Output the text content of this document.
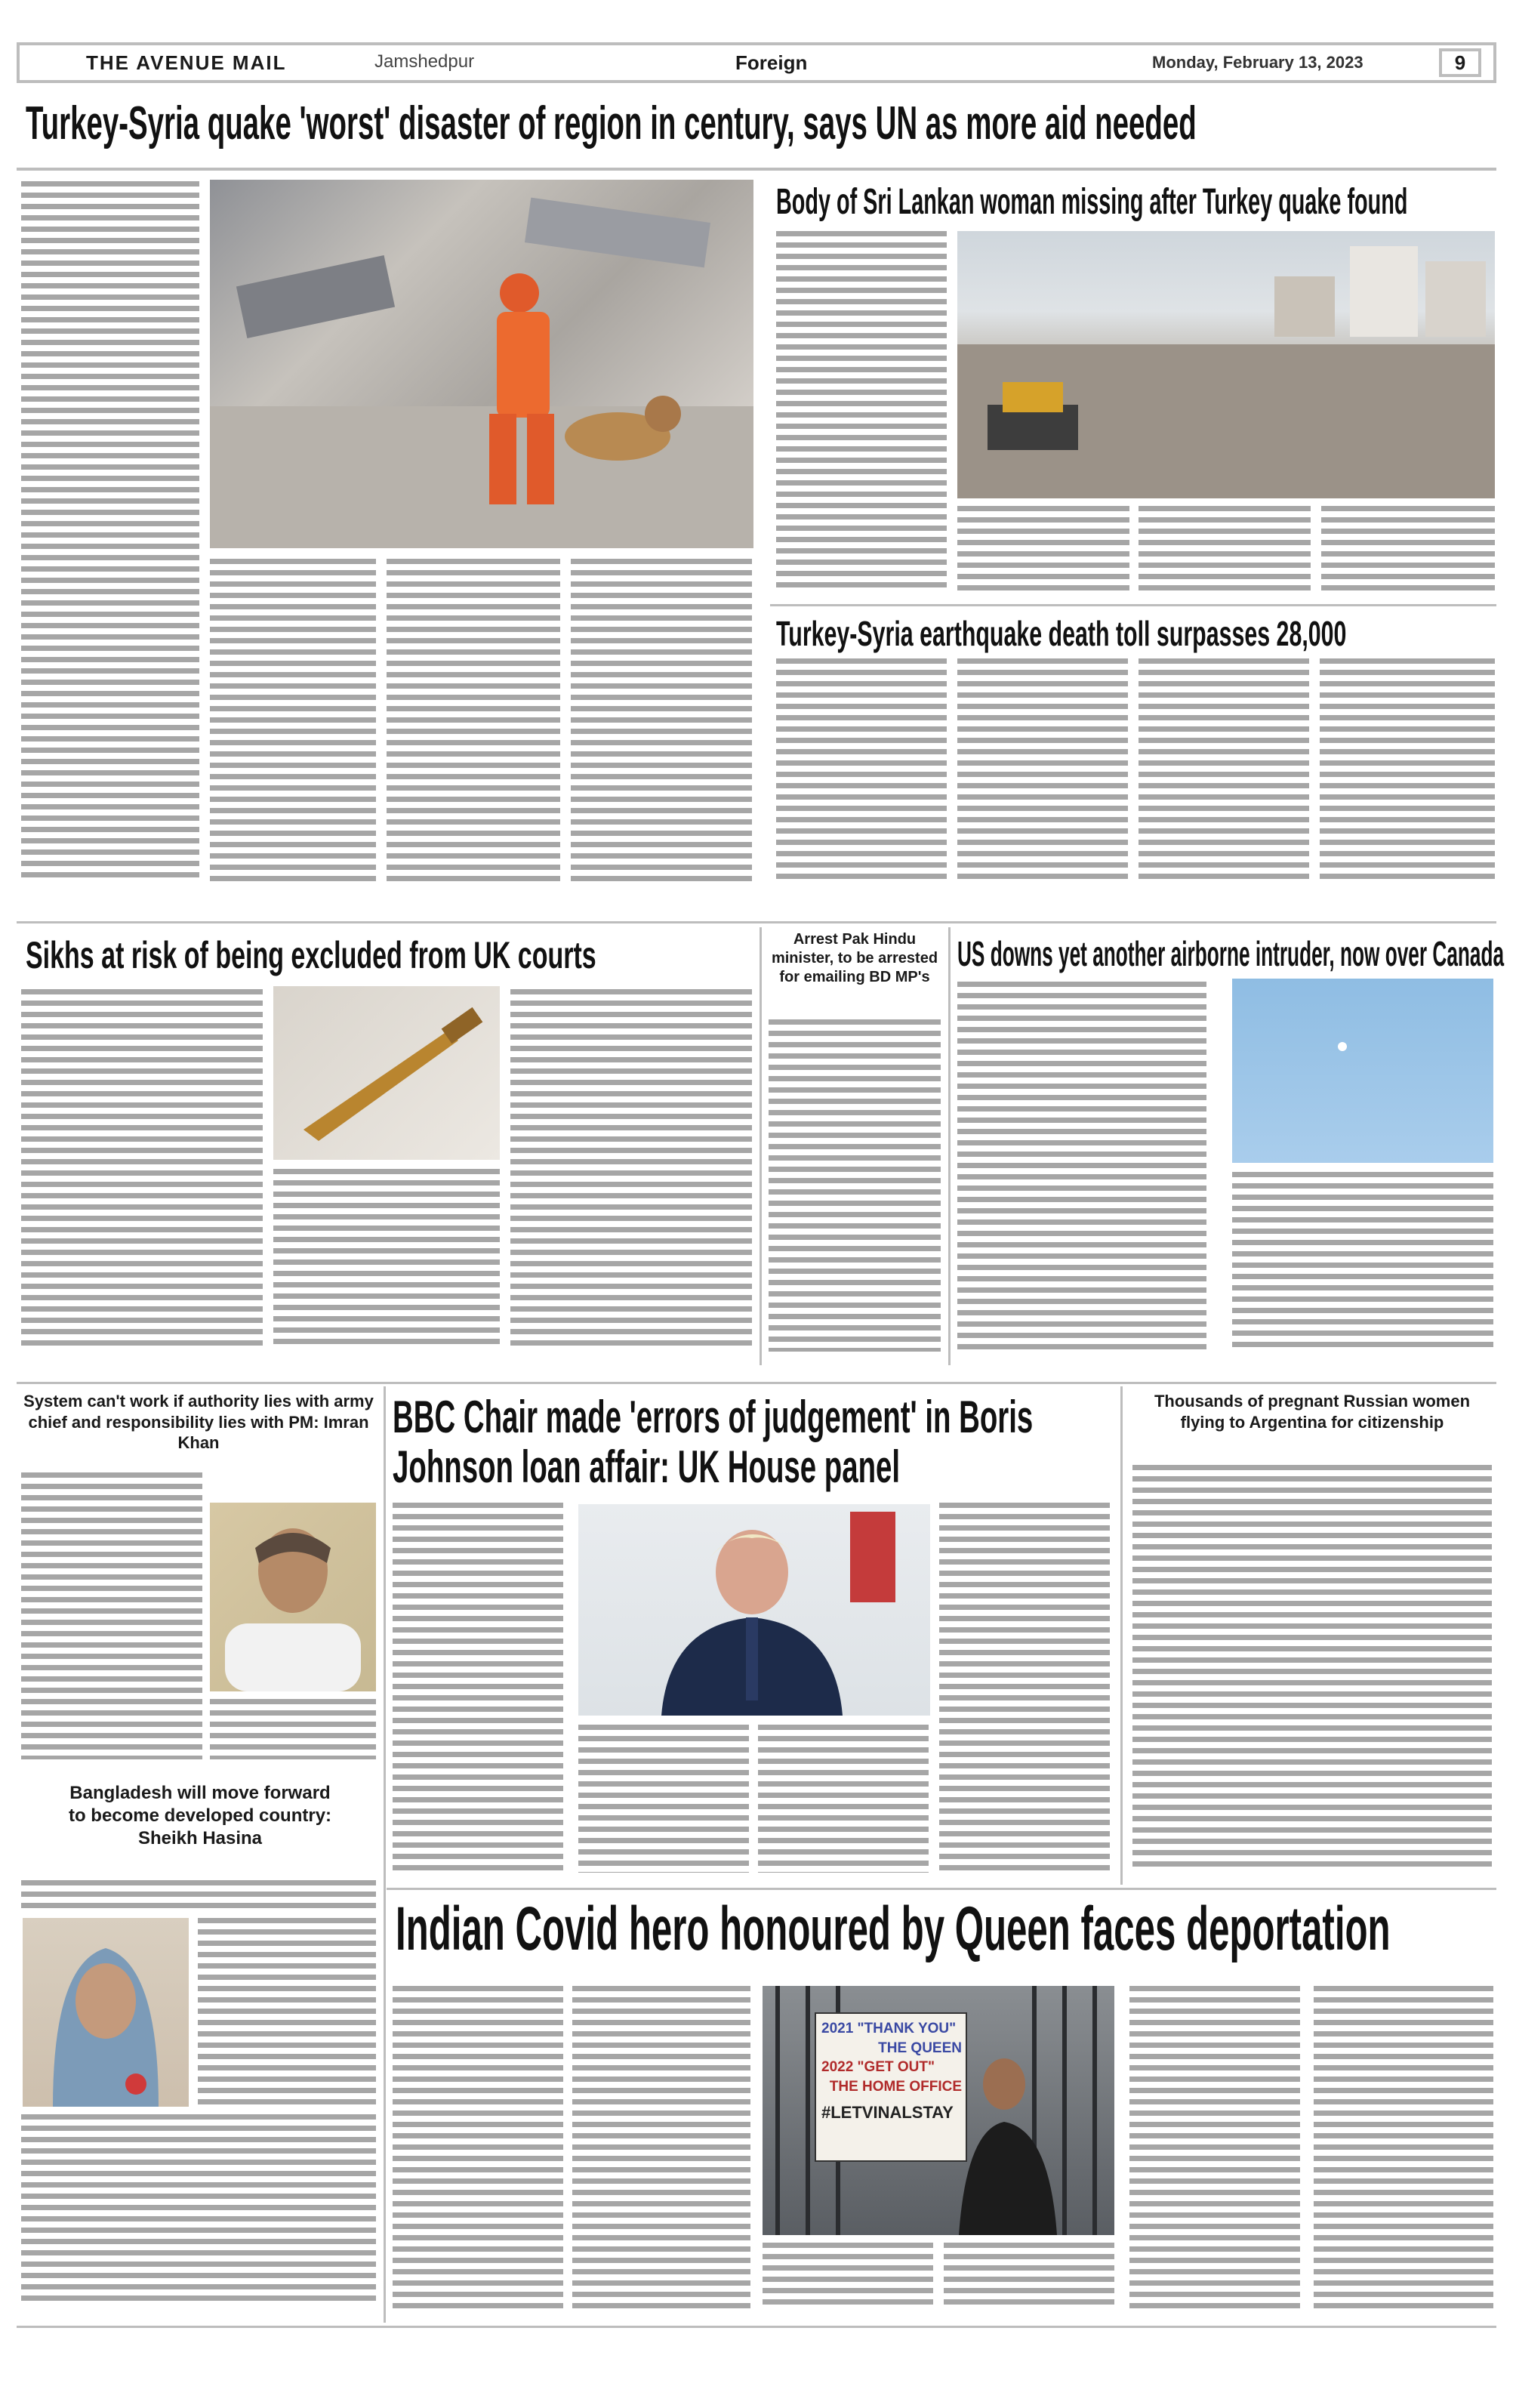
THE AVENUE MAIL	Jamshedpur	Foreign	Monday, February 13, 2023	9
Turkey-Syria quake 'worst' disaster of region in century, says UN as more aid needed
Body of Sri Lankan woman missing after Turkey quake found
Turkey-Syria earthquake death toll surpasses 28,000
Sikhs at risk of being excluded from UK courts	Arrest Pak Hindu minister, to be arrested for emailing BD MP's
US downs yet another airborne intruder, now over Canada
System can't work if authority lies with army chief and responsibility lies with PM: Imran Khan
Bangladesh will move forward to become developed country: Sheikh Hasina
BBC Chair made 'errors of judgement' in Boris Johnson loan affair: UK House panel
Thousands of pregnant Russian women flying to Argentina for citizenship
Indian Covid hero honoured by Queen faces deportation
2021 "THANK YOU"
THE QUEEN
2022 "GET OUT"
THE HOME OFFICE
#LETVINALSTAY
